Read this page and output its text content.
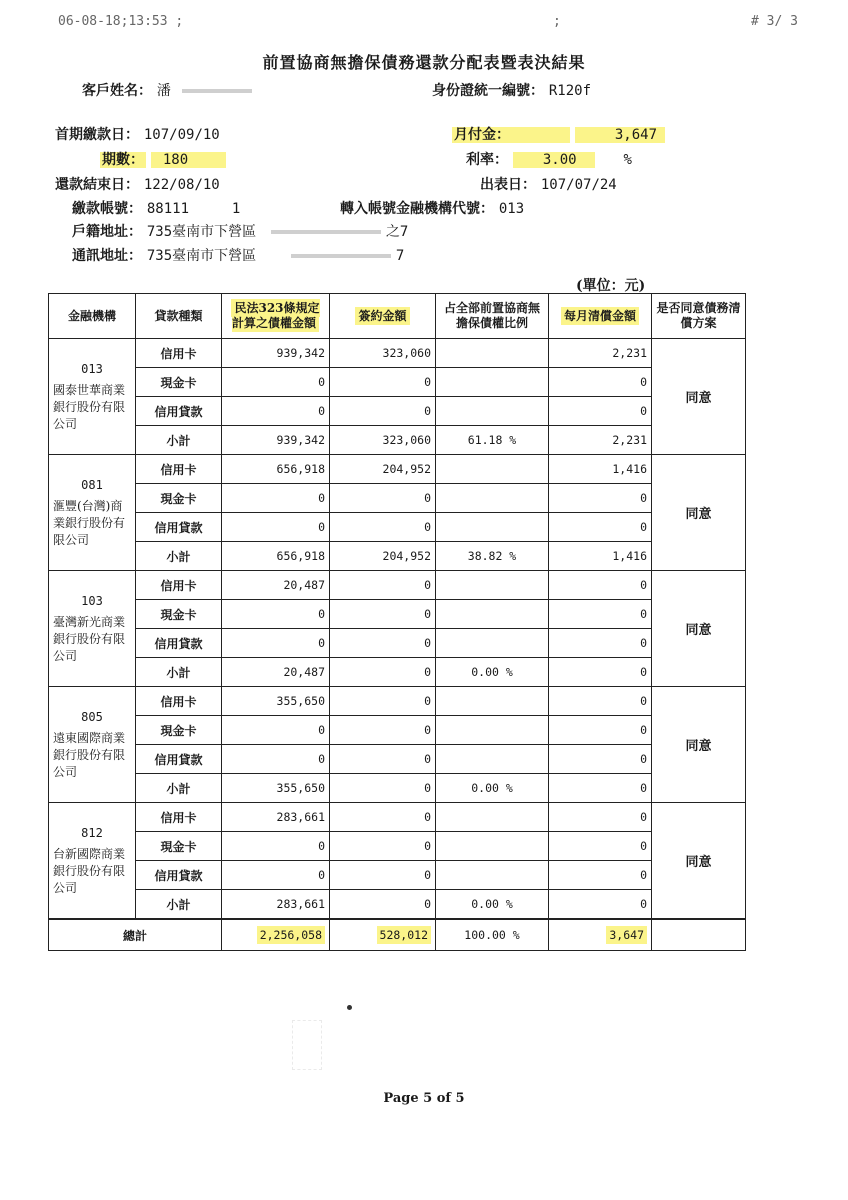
06-08-18;13:53 ;	;	# 3/ 3
前置協商無擔保債務還款分配表暨表決結果
客戶姓名： 潘	身份證統一編號： R120f
首期繳款日： 107/09/10	月付金：	3,647
期數： 180	利率： 3.00	%
還款結束日： 122/08/10	出表日： 107/07/24
繳款帳號： 88111	1	轉入帳號金融機構代號： 013
戶籍地址： 735臺南市下營區	之7
通訊地址： 735臺南市下營區	7
(單位：元)
金融機構	貸款種類	民法323條規定計算之債權金額	簽約金額	占全部前置協商無擔保債權比例	每月清償金額	是否同意債務清償方案

013
國泰世華商業銀行股份有限公司	信用卡	939,342	323,060		2,231	同意
	現金卡	0	0		0	
	信用貸款	0	0		0	
	小計	939,342	323,060	61.18 %	2,231	

081
滙豐(台灣)商業銀行股份有限公司	信用卡	656,918	204,952		1,416	同意
	現金卡	0	0		0	
	信用貸款	0	0		0	
	小計	656,918	204,952	38.82 %	1,416	

103
臺灣新光商業銀行股份有限公司	信用卡	20,487	0		0	同意
	現金卡	0	0		0	
	信用貸款	0	0		0	
	小計	20,487	0	0.00 %	0	

805
遠東國際商業銀行股份有限公司	信用卡	355,650	0		0	同意
	現金卡	0	0		0	
	信用貸款	0	0		0	
	小計	355,650	0	0.00 %	0	

812
台新國際商業銀行股份有限公司	信用卡	283,661	0		0	同意
	現金卡	0	0		0	
	信用貸款	0	0		0	
	小計	283,661	0	0.00 %	0	
總計		2,256,058	528,012	100.00 %	3,647	
Page 5 of 5
